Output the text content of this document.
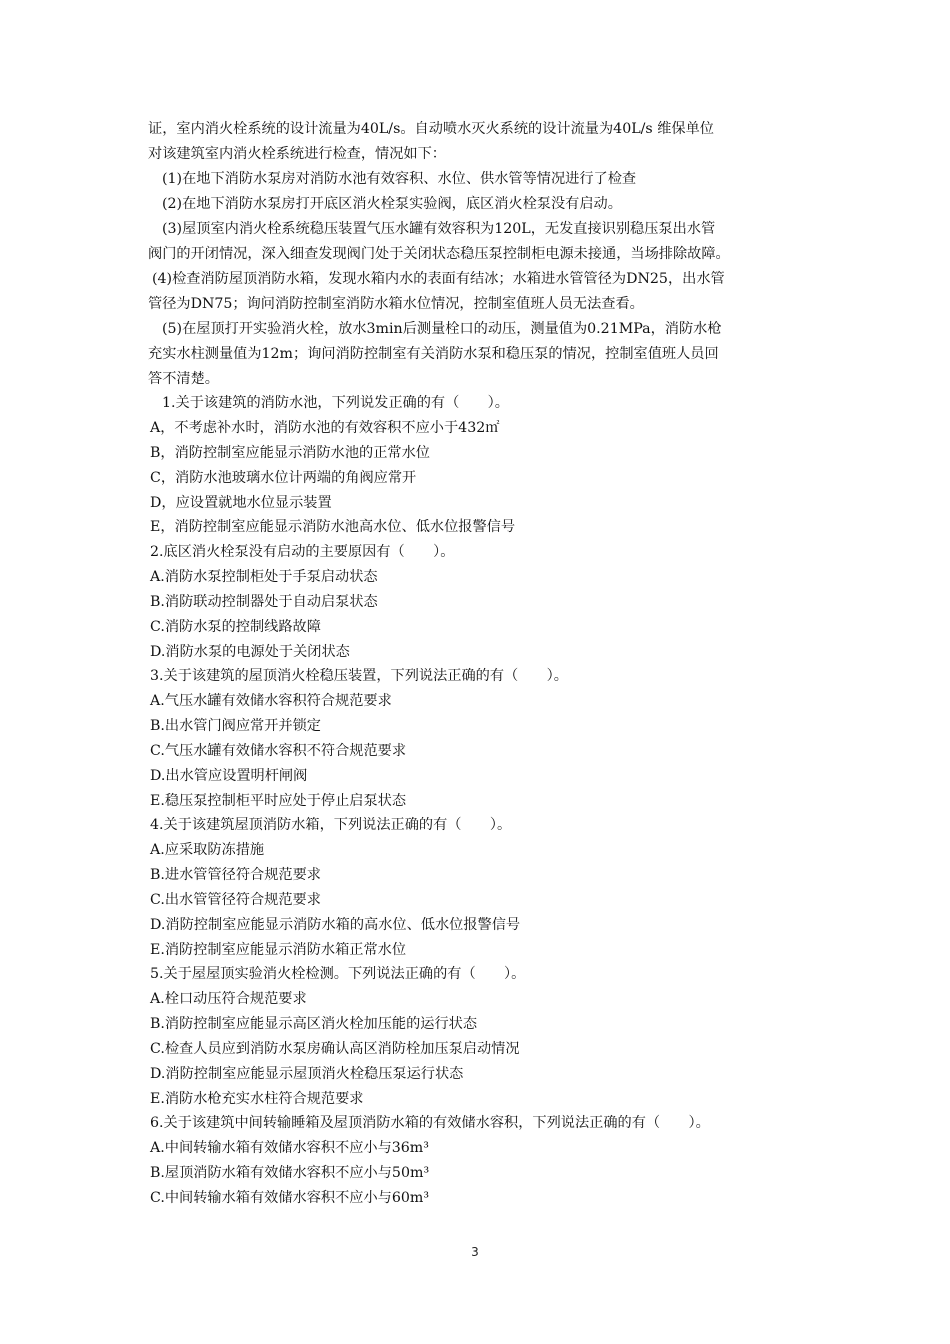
证，室内消火栓系统的设计流量为40L/s。自动喷水灭火系统的设计流量为40L/s 维保单位
对该建筑室内消火栓系统进行检查，情况如下：
(1)在地下消防水泵房对消防水池有效容积、水位、供水管等情况进行了检查
(2)在地下消防水泵房打开底区消火栓泵实验阀，底区消火栓泵没有启动。
(3)屋顶室内消火栓系统稳压装置气压水罐有效容积为120L，无发直接识别稳压泵出水管
阀门的开闭情况，深入细查发现阀门处于关闭状态稳压泵控制柜电源未接通，当场排除故障。
(4)检查消防屋顶消防水箱，发现水箱内水的表面有结冰；水箱进水管管径为DN25，出水管
管径为DN75；询问消防控制室消防水箱水位情况，控制室值班人员无法查看。
(5)在屋顶打开实验消火栓，放水3min后测量栓口的动压，测量值为0.21MPa，消防水枪
充实水柱测量值为12m；询问消防控制室有关消防水泵和稳压泵的情况，控制室值班人员回
答不清楚。
1.关于该建筑的消防水池，下列说发正确的有（　　）。
A，不考虑补水时，消防水池的有效容积不应小于432㎡
B，消防控制室应能显示消防水池的正常水位
C，消防水池玻璃水位计两端的角阀应常开
D，应设置就地水位显示装置
E，消防控制室应能显示消防水池高水位、低水位报警信号
2.底区消火栓泵没有启动的主要原因有（　　）。
A.消防水泵控制柜处于手泵启动状态
B.消防联动控制器处于自动启泵状态
C.消防水泵的控制线路故障
D.消防水泵的电源处于关闭状态
3.关于该建筑的屋顶消火栓稳压装置，下列说法正确的有（　　）。
A.气压水罐有效储水容积符合规范要求
B.出水管门阀应常开并锁定
C.气压水罐有效储水容积不符合规范要求
D.出水管应设置明杆闸阀
E.稳压泵控制柜平时应处于停止启泵状态
4.关于该建筑屋顶消防水箱，下列说法正确的有（　　）。
A.应采取防冻措施
B.进水管管径符合规范要求
C.出水管管径符合规范要求
D.消防控制室应能显示消防水箱的高水位、低水位报警信号
E.消防控制室应能显示消防水箱正常水位
5.关于屋屋顶实验消火栓检测。下列说法正确的有（　　）。
A.栓口动压符合规范要求
B.消防控制室应能显示高区消火栓加压能的运行状态
C.检查人员应到消防水泵房确认高区消防栓加压泵启动情况
D.消防控制室应能显示屋顶消火栓稳压泵运行状态
E.消防水枪充实水柱符合规范要求
6.关于该建筑中间转输睡箱及屋顶消防水箱的有效储水容积，下列说法正确的有（　　）。
A.中间转输水箱有效储水容积不应小与36m³
B.屋顶消防水箱有效储水容积不应小与50m³
C.中间转输水箱有效储水容积不应小与60m³
3
